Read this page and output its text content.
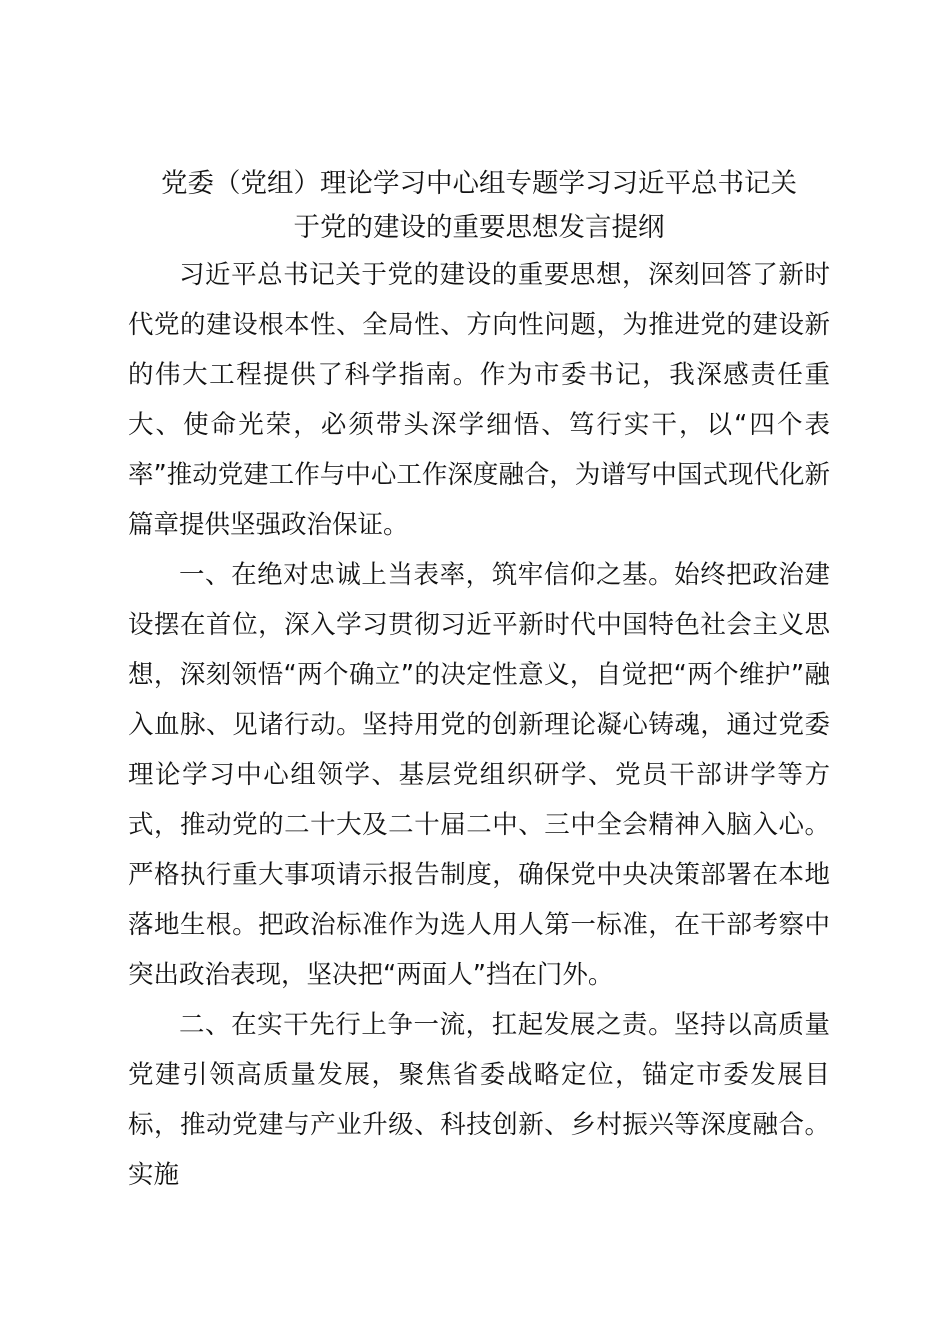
党委（党组）理论学习中心组专题学习习近平总书记关
于党的建设的重要思想发言提纲

习近平总书记关于党的建设的重要思想，深刻回答了新时代党的建设根本性、全局性、方向性问题，为推进党的建设新的伟大工程提供了科学指南。作为市委书记，我深感责任重大、使命光荣，必须带头深学细悟、笃行实干，以“四个表率”推动党建工作与中心工作深度融合，为谱写中国式现代化新篇章提供坚强政治保证。

一、在绝对忠诚上当表率，筑牢信仰之基。始终把政治建设摆在首位，深入学习贯彻习近平新时代中国特色社会主义思想，深刻领悟“两个确立”的决定性意义，自觉把“两个维护”融入血脉、见诸行动。坚持用党的创新理论凝心铸魂，通过党委理论学习中心组领学、基层党组织研学、党员干部讲学等方式，推动党的二十大及二十届二中、三中全会精神入脑入心。严格执行重大事项请示报告制度，确保党中央决策部署在本地落地生根。把政治标准作为选人用人第一标准，在干部考察中突出政治表现，坚决把“两面人”挡在门外。

二、在实干先行上争一流，扛起发展之责。坚持以高质量党建引领高质量发展，聚焦省委战略定位，锚定市委发展目标，推动党建与产业升级、科技创新、乡村振兴等深度融合。实施
